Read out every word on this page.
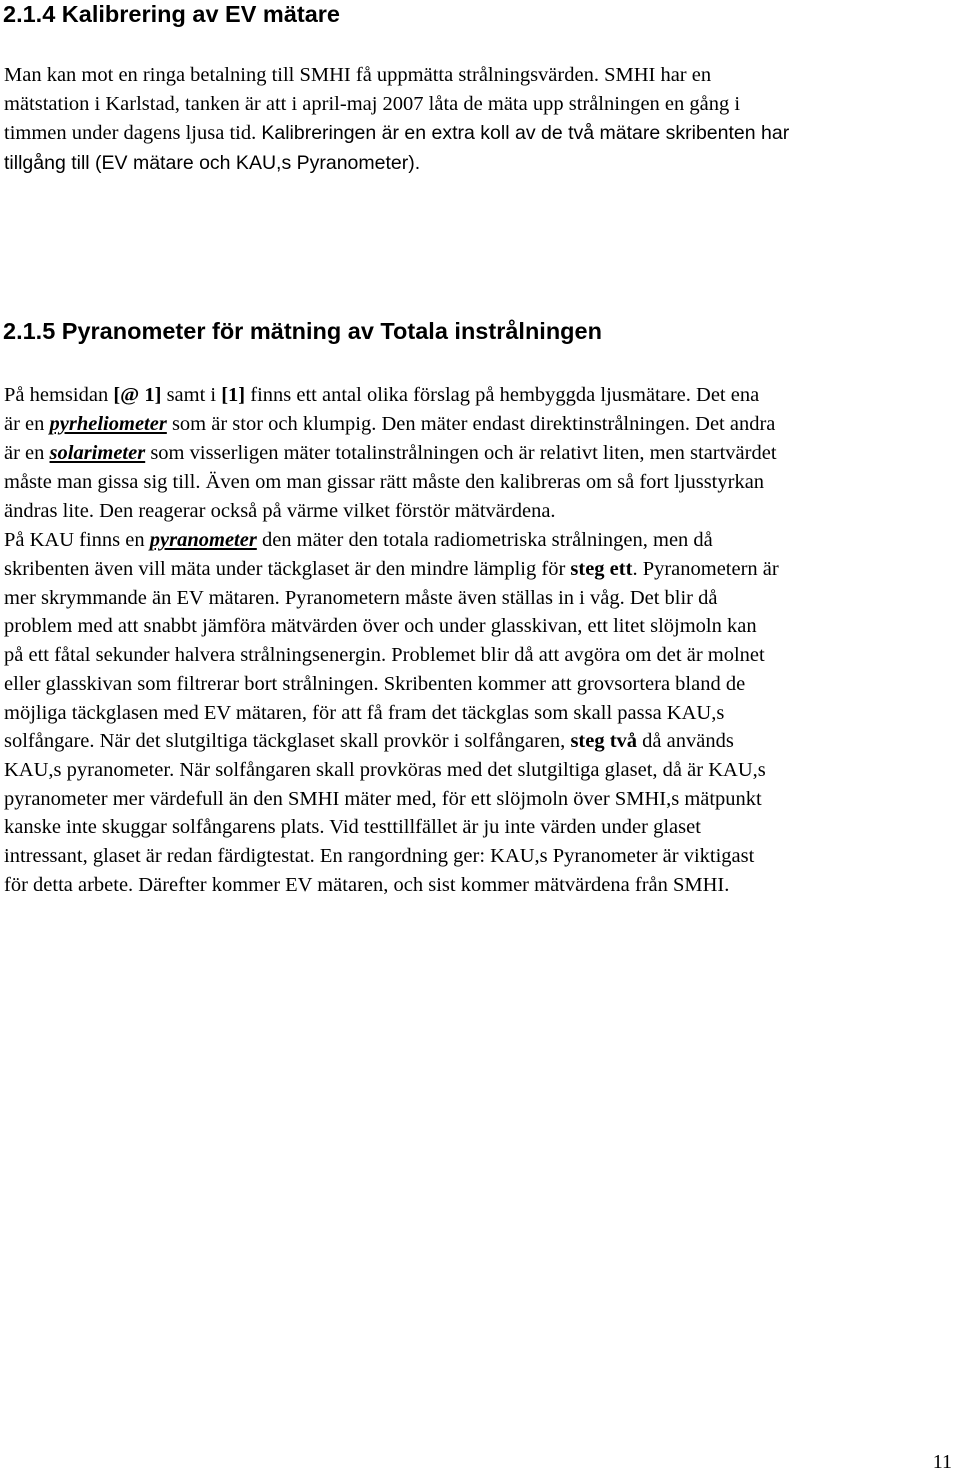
2.1.4 Kalibrering av EV mätare

Man kan mot en ringa betalning till SMHI få uppmätta strålningsvärden. SMHI har en

mätstation i Karlstad, tanken är att i april-maj 2007 låta de mäta upp strålningen en gång i

timmen under dagens ljusa tid. Kalibreringen är en extra koll av de två mätare skribenten har

tillgång till (EV mätare och KAU,s Pyranometer).

2.1.5 Pyranometer för mätning av Totala instrålningen

På hemsidan [@ 1] samt i [1] finns ett antal olika förslag på hembyggda ljusmätare. Det ena

är en pyrheliometer som är stor och klumpig. Den mäter endast direktinstrålningen. Det andra

är en solarimeter som visserligen mäter totalinstrålningen och är relativt liten, men startvärdet

måste man gissa sig till. Även om man gissar rätt måste den kalibreras om så fort ljusstyrkan

ändras lite. Den reagerar också på värme vilket förstör mätvärdena.

På KAU finns en pyranometer den mäter den totala radiometriska strålningen, men då

skribenten även vill mäta under täckglaset är den mindre lämplig för steg ett. Pyranometern är

mer skrymmande än EV mätaren. Pyranometern måste även ställas in i våg. Det blir då

problem med att snabbt jämföra mätvärden över och under glasskivan, ett litet slöjmoln kan

på ett fåtal sekunder halvera strålningsenergin. Problemet blir då att avgöra om det är molnet

eller glasskivan som filtrerar bort strålningen. Skribenten kommer att grovsortera bland de

möjliga täckglasen med EV mätaren, för att få fram det täckglas som skall passa KAU,s

solfångare. När det slutgiltiga täckglaset skall provkör i solfångaren, steg två då används

KAU,s pyranometer. När solfångaren skall provköras med det slutgiltiga glaset, då är KAU,s

pyranometer mer värdefull än den SMHI mäter med, för ett slöjmoln över SMHI,s mätpunkt

kanske inte skuggar solfångarens plats. Vid testtillfället är ju inte värden under glaset

intressant, glaset är redan färdigtestat. En rangordning ger: KAU,s Pyranometer är viktigast

för detta arbete. Därefter kommer EV mätaren, och sist kommer mätvärdena från SMHI.

11
